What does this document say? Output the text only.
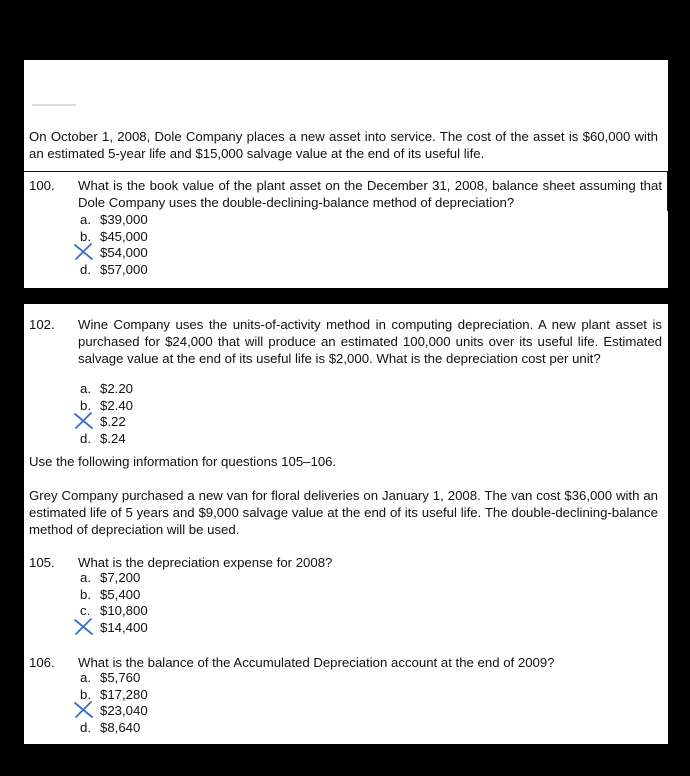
On October 1, 2008, Dole Company places a new asset into service. The cost of the asset is $60,000 with an estimated 5-year life and $15,000 salvage value at the end of its useful life.
100. What is the book value of the plant asset on the December 31, 2008, balance sheet assuming that Dole Company uses the double-declining-balance method of depreciation?
a. $39,000
b. $45,000
$54,000
d. $57,000
102. Wine Company uses the units-of-activity method in computing depreciation. A new plant asset is purchased for $24,000 that will produce an estimated 100,000 units over its useful life. Estimated salvage value at the end of its useful life is $2,000. What is the depreciation cost per unit?
a. $2.20
b. $2.40
$.22
d. $.24
Use the following information for questions 105–106.
Grey Company purchased a new van for floral deliveries on January 1, 2008. The van cost $36,000 with an estimated life of 5 years and $9,000 salvage value at the end of its useful life. The double-declining-balance method of depreciation will be used.
105. What is the depreciation expense for 2008?
a. $7,200
b. $5,400
c. $10,800
$14,400
106. What is the balance of the Accumulated Depreciation account at the end of 2009?
a. $5,760
b. $17,280
$23,040
d. $8,640
